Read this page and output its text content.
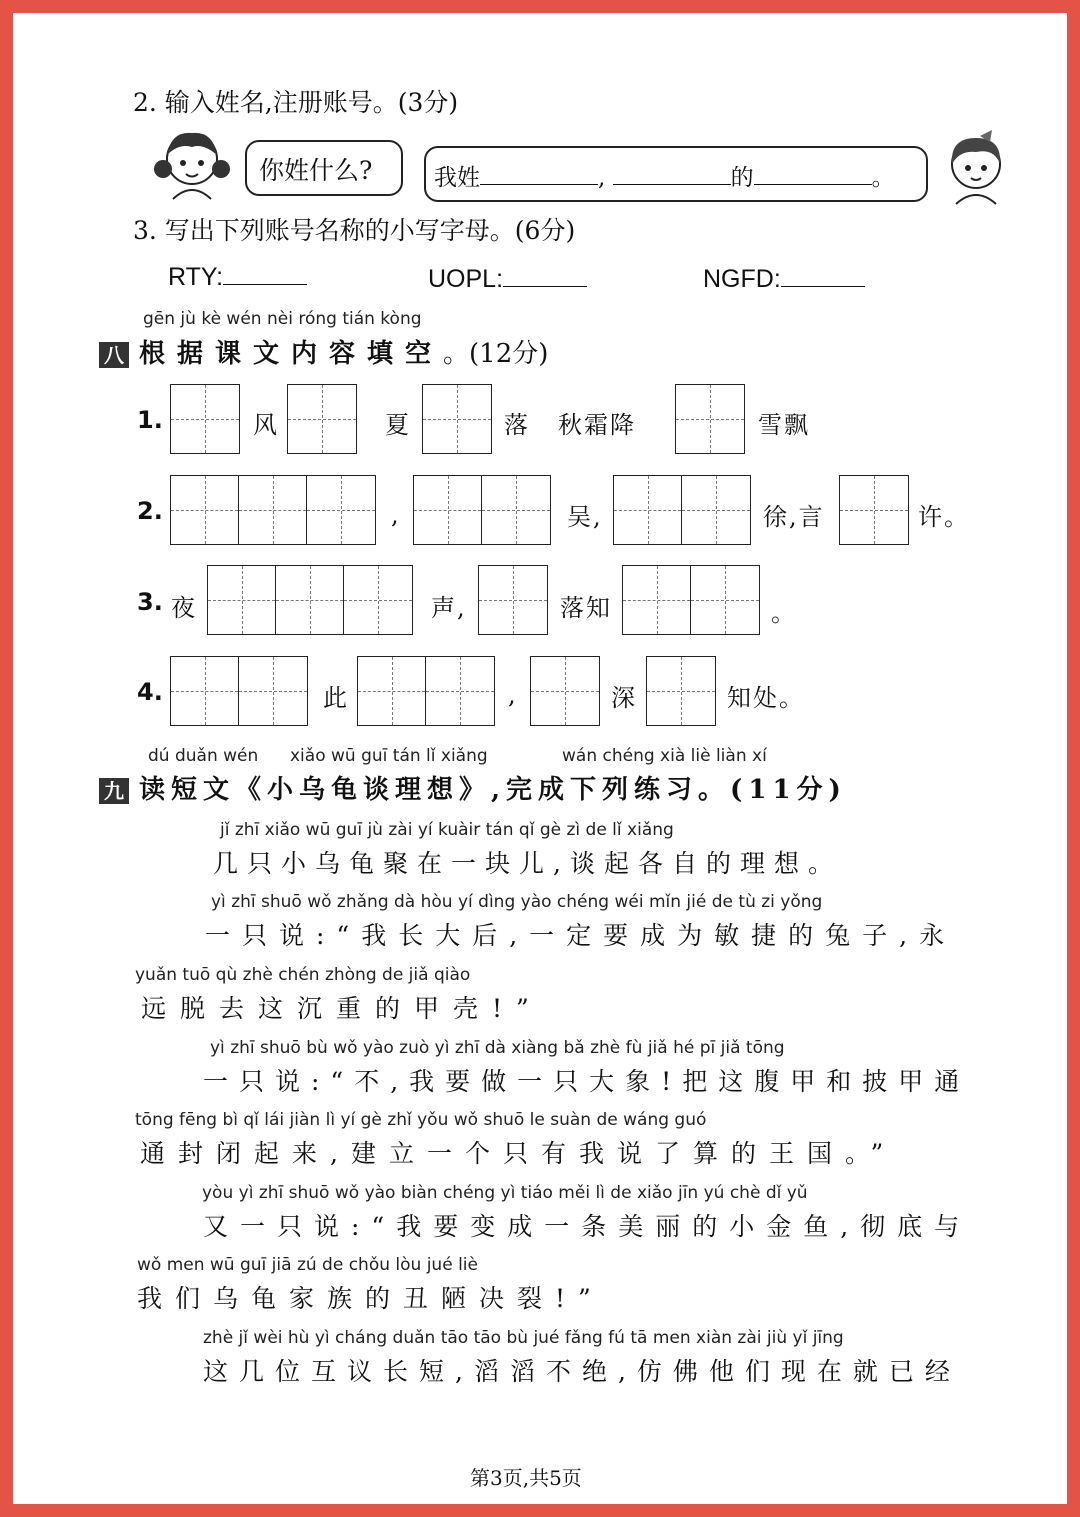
2. 输入姓名,注册账号。(3分)
你姓什么?	我姓	,	的	。
3. 写出下列账号名称的小写字母。(6分)
RTY:	UOPL:	NGFD:
gēn jù kè wén nèi róng tián kòng
八 根据课文内容填空。(12分)
1.	风	夏	落 秋霜降	雪飘
2.	,	吴,	徐,言	许。
3. 夜	声,	落知	。
4.	此	,	深	知处。
dú duǎn wén xiǎo wū guī tán lǐ xiǎng	wán chéng xià liè liàn xí
九 读短文《小乌龟谈理想》,完成下列练习。(11分)
jǐ zhī xiǎo wū guī jù zài yí kuàir tán qǐ gè zì de lǐ xiǎng
几只小乌龟聚在一块儿,谈起各自的理想。
yì zhī shuō wǒ zhǎng dà hòu yí dìng yào chéng wéi mǐn jié de tù zi yǒng
一只说:“我长大后,一定要成为敏捷的兔子,永
yuǎn tuō qù zhè chén zhòng de jiǎ qiào
远脱去这沉重的甲壳!”
yì zhī shuō bù wǒ yào zuò yì zhī dà xiàng bǎ zhè fù jiǎ hé pī jiǎ tōng
一只说:“不,我要做一只大象!把这腹甲和披甲通
tōng fēng bì qǐ lái jiàn lì yí gè zhǐ yǒu wǒ shuō le suàn de wáng guó
通封闭起来,建立一个只有我说了算的王国。”
yòu yì zhī shuō wǒ yào biàn chéng yì tiáo měi lì de xiǎo jīn yú chè dǐ yǔ
又一只说:“我要变成一条美丽的小金鱼,彻底与
wǒ men wū guī jiā zú de chǒu lòu jué liè
我们乌龟家族的丑陋决裂!”
zhè jǐ wèi hù yì cháng duǎn tāo tāo bù jué fǎng fú tā men xiàn zài jiù yǐ jīng
这几位互议长短,滔滔不绝,仿佛他们现在就已经
第3页,共5页
